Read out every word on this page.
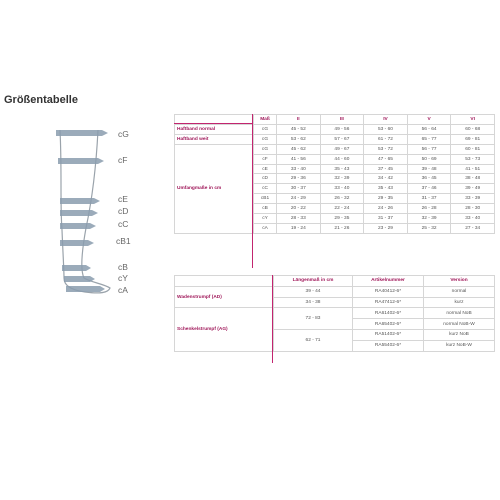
Größentabelle
cG
cF
cE
cD
cC
cB1
cB
cY
cA
	Maß	II	III	IV	V	VI
Haftband normal	cG	45 - 52	49 - 56	53 - 60	56 - 64	60 - 68
Haftband weit	cG	53 - 62	57 - 67	61 - 72	65 - 77	69 - 81
Umfangmaße in cm	cG	45 - 62	49 - 67	53 - 72	56 - 77	60 - 81
	cF	41 - 56	44 - 60	47 - 65	50 - 69	53 - 73
	cE	33 - 40	35 - 43	37 - 45	39 - 48	41 - 51
	cD	29 - 36	32 - 39	34 - 42	36 - 45	38 - 48
	cC	30 - 37	33 - 40	35 - 43	37 - 46	39 - 49
	cB1	24 - 29	26 - 32	29 - 35	31 - 37	33 - 39
	cB	20 - 22	22 - 24	24 - 26	26 - 28	28 - 30
	cY	28 - 33	29 - 35	31 - 37	32 - 39	33 - 40
	cA	19 - 24	21 - 26	23 - 29	25 - 32	27 - 34
	Längenmaß in cm	Artikelnummer	Version
Wadenstrumpf (AD)	39 - 44	RA40412-6*	normal
	34 - 38	RA47412-6*	kurz
Schenkelstrumpf (AG)	72 - 83	RA61402-6*	normal NoB
		RA65402-6*	normal NoB-W
	62 - 71	RA51402-6*	kurz NoB
		RA55402-6*	kurz NoB-W
